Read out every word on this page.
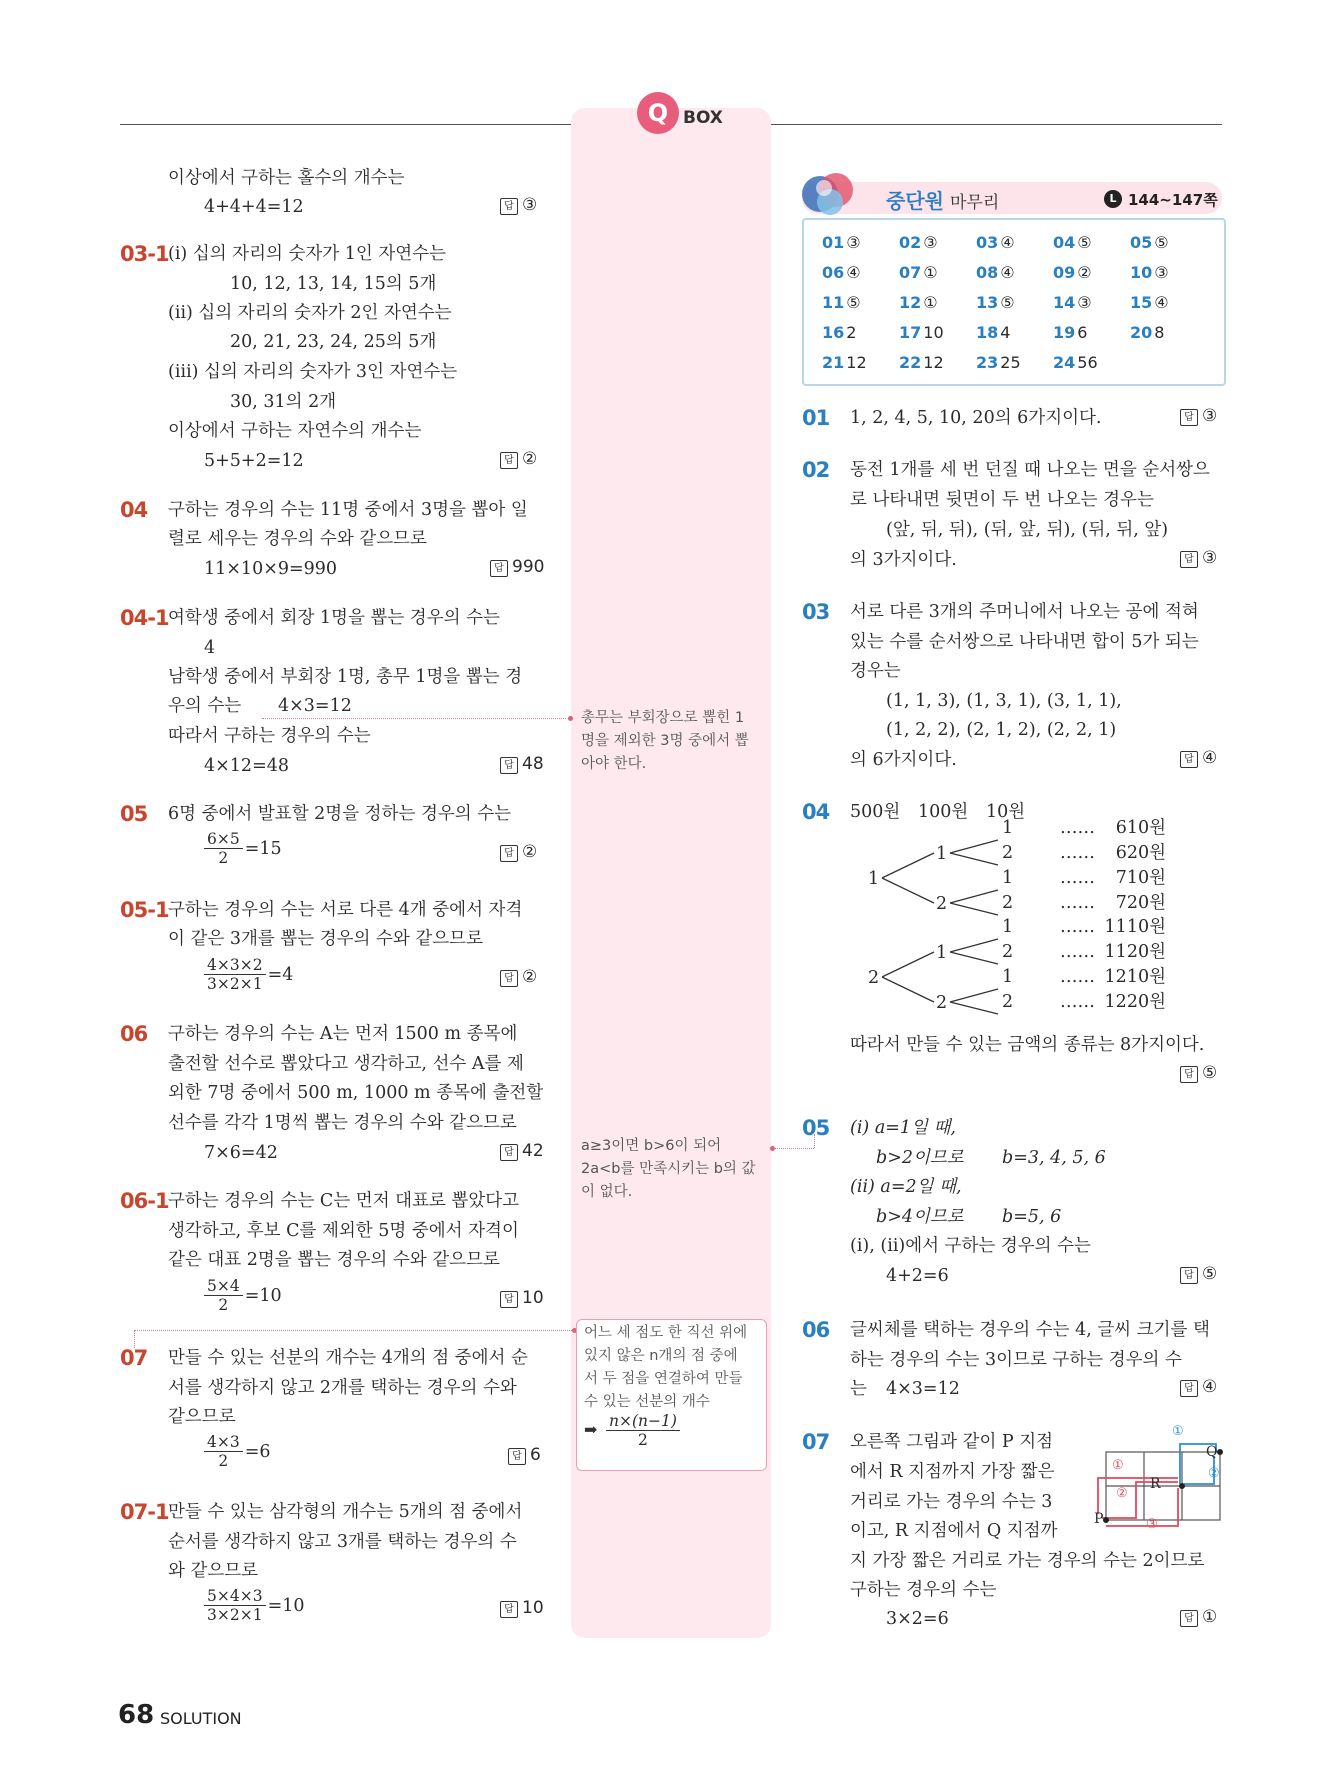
Q BOX
이상에서 구하는 홀수의 개수는
4+4+4=12	답 ③
03-1 (ⅰ) 십의 자리의 숫자가 1인 자연수는
10, 12, 13, 14, 15의 5개
(ⅱ) 십의 자리의 숫자가 2인 자연수는
20, 21, 23, 24, 25의 5개
(ⅲ) 십의 자리의 숫자가 3인 자연수는
30, 31의 2개
이상에서 구하는 자연수의 개수는
5+5+2=12	답 ②
04 구하는 경우의 수는 11명 중에서 3명을 뽑아 일
렬로 세우는 경우의 수와 같으므로
11×10×9=990	답 990
04-1 여학생 중에서 회장 1명을 뽑는 경우의 수는
4
남학생 중에서 부회장 1명, 총무 1명을 뽑는 경
우의 수는 4×3=12
따라서 구하는 경우의 수는
4×12=48	답 48
05 6명 중에서 발표할 2명을 정하는 경우의 수는
$\frac{6\times 5}{2} =15$	답 ②
05-1 구하는 경우의 수는 서로 다른 4개 중에서 자격
이 같은 3개를 뽑는 경우의 수와 같으므로
$\frac{4\times 3\times 2}{3\times 2\times 1} =4$	답 ②
06 구하는 경우의 수는 A는 먼저 1500 m 종목에
출전할 선수로 뽑았다고 생각하고, 선수 A를 제
외한 7명 중에서 500 m, 1000 m 종목에 출전할
선수를 각각 1명씩 뽑는 경우의 수와 같으므로
7×6=42	답 42
06-1 구하는 경우의 수는 C는 먼저 대표로 뽑았다고
생각하고, 후보 C를 제외한 5명 중에서 자격이
같은 대표 2명을 뽑는 경우의 수와 같으므로
$\frac{5\times 4}{2} =10$	답 10
07 만들 수 있는 선분의 개수는 4개의 점 중에서 순
서를 생각하지 않고 2개를 택하는 경우의 수와
같으므로
$\frac{4\times 3}{2} =6$	답 6
07-1 만들 수 있는 삼각형의 개수는 5개의 점 중에서
순서를 생각하지 않고 3개를 택하는 경우의 수
와 같으므로
$\frac{5\times 4\times 3}{3\times 2\times 1} =10$	답 10
총무는 부회장으로 뽑힌 1
명을 제외한 3명 중에서 뽑
아야 한다.
a≥3이면 b>6이 되어
2a<b를 만족시키는 b의 값
이 없다.
어느 세 점도 한 직선 위에
있지 않은 n개의 점 중에
서 두 점을 연결하여 만들
수 있는 선분의 개수
➡ n×(n−1)
2
중단원 마무리	L 144~147쪽
01 ③ 02 ③ 03 ④ 04 ⑤ 05 ⑤
06 ④ 07 ① 08 ④ 09 ② 10 ③
11 ⑤ 12 ① 13 ⑤ 14 ③ 15 ④
16 2	17 10 18 4	19 6	20 8
21 12 22 12 23 25 24 56
01 1, 2, 4, 5, 10, 20의 6가지이다.	답 ③
02 동전 1개를 세 번 던질 때 나오는 면을 순서쌍으
로 나타내면 뒷면이 두 번 나오는 경우는
(앞, 뒤, 뒤), (뒤, 앞, 뒤), (뒤, 뒤, 앞)
의 3가지이다.	답 ③
03 서로 다른 3개의 주머니에서 나오는 공에 적혀
있는 수를 순서쌍으로 나타내면 합이 5가 되는
경우는
(1, 1, 3), (1, 3, 1), (3, 1, 1),
(1, 2, 2), (2, 1, 2), (2, 2, 1)
의 6가지이다.	답 ④
04 500원 100원 10원
1
2
1
2
1
2
1	……	610원
2	……	620원
1	……	710원
2	……	720원
1	…… 1110원
2	…… 1120원
1	…… 1210원
2	…… 1220원
따라서 만들 수 있는 금액의 종류는 8가지이다.
답 ⑤
05 (ⅰ) a=1일 때,
b>2이므로 b=3, 4, 5, 6
(ⅱ) a=2일 때,
b>4이므로 b=5, 6
(ⅰ), (ⅱ)에서 구하는 경우의 수는
4+2=6	답 ⑤
06 글씨체를 택하는 경우의 수는 4, 글씨 크기를 택
하는 경우의 수는 3이므로 구하는 경우의 수
는 4×3=12	답 ④
07 오른쪽 그림과 같이 P 지점
에서 R 지점까지 가장 짧은
거리로 가는 경우의 수는 3
이고, R 지점에서 Q 지점까
지 가장 짧은 거리로 가는 경우의 수는 2이므로
구하는 경우의 수는
3×2=6	답 ①
P
Q
R
①
②
③
①
②
68 SOLUTION
